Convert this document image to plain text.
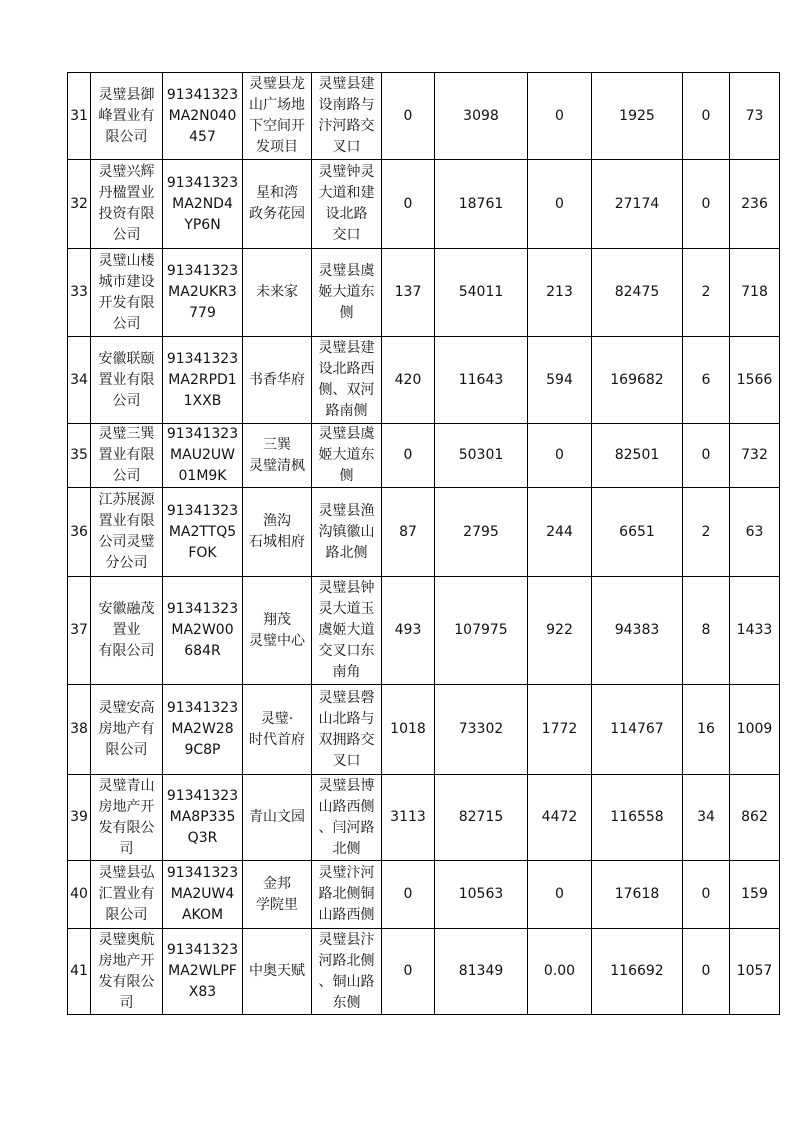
31	灵璧县御
峰置业有
限公司	91341323
MA2N040
457	灵璧县龙
山广场地
下空间开
发项目	灵璧县建
设南路与
汴河路交
叉口	0	3098	0	1925	0	73
32	灵璧兴辉
丹楹置业
投资有限
公司	91341323
MA2ND4
YP6N	星和湾
政务花园	灵璧钟灵
大道和建
设北路
交口	0	18761	0	27174	0	236
33	灵璧山楼
城市建设
开发有限
公司	91341323
MA2UKR3
779	未来家	灵璧县虞
姬大道东
侧	137	54011	213	82475	2	718
34	安徽联颐
置业有限
公司	91341323
MA2RPD1
1XXB	书香华府	灵璧县建
设北路西
侧、双河
路南侧	420	11643	594	169682	6	1566
35	灵璧三巽
置业有限
公司	91341323
MAU2UW
01M9K	三巽
灵璧清枫	灵璧县虞
姬大道东
侧	0	50301	0	82501	0	732
36	江苏展源
置业有限
公司灵璧
分公司	91341323
MA2TTQ5
FOK	渔沟
石城相府	灵璧县渔
沟镇徽山
路北侧	87	2795	244	6651	2	63
37	安徽融茂
置业
有限公司	91341323
MA2W00
684R	翔茂
灵璧中心	灵璧县钟
灵大道玉
虞姬大道
交叉口东
南角	493	107975	922	94383	8	1433
38	灵璧安高
房地产有
限公司	91341323
MA2W28
9C8P	灵璧·
时代首府	灵璧县磬
山北路与
双拥路交
叉口	1018	73302	1772	114767	16	1009
39	灵璧青山
房地产开
发有限公
司	91341323
MA8P335
Q3R	青山文园	灵璧县博
山路西侧
、闫河路
北侧	3113	82715	4472	116558	34	862
40	灵璧县弘
汇置业有
限公司	91341323
MA2UW4
AKOM	金邦
学院里	灵璧汴河
路北侧铜
山路西侧	0	10563	0	17618	0	159
41	灵璧奥航
房地产开
发有限公
司	91341323
MA2WLPF
X83	中奥天赋	灵璧县汴
河路北侧
、铜山路
东侧	0	81349	0.00	116692	0	1057
